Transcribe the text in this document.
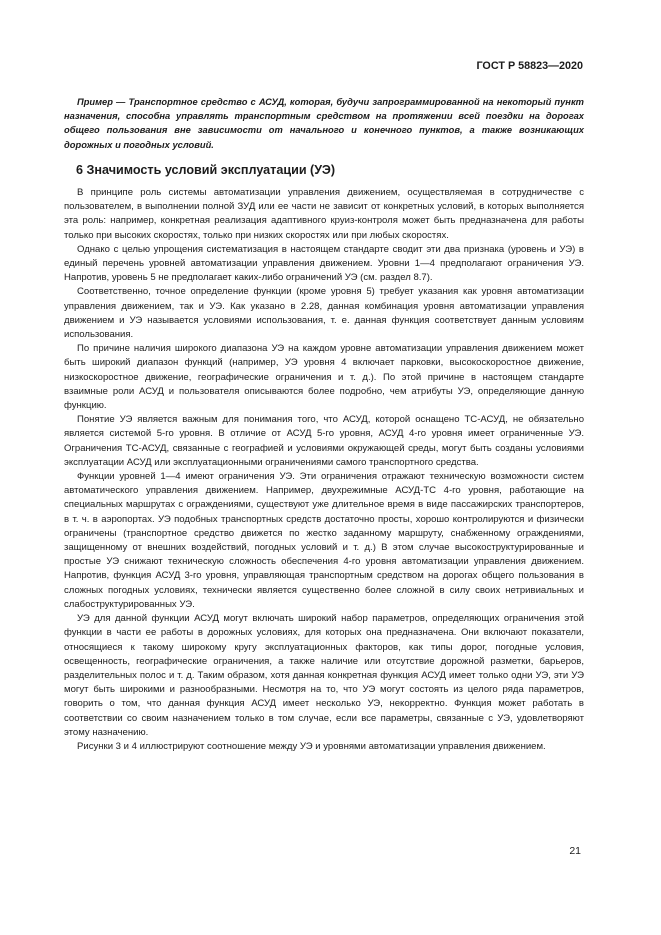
ГОСТ Р 58823—2020

Пример — Транспортное средство с АСУД, которая, будучи запрограммированной на некоторый пункт назначения, способна управлять транспортным средством на протяжении всей поездки на дорогах общего пользования вне зависимости от начального и конечного пунктов, а также возникающих дорожных и погодных условий.

6 Значимость условий эксплуатации (УЭ)

В принципе роль системы автоматизации управления движением, осуществляемая в сотрудничестве с пользователем, в выполнении полной ЗУД или ее части не зависит от конкретных условий, в которых выполняется эта роль: например, конкретная реализация адаптивного круиз-контроля может быть предназначена для работы только при высоких скоростях, только при низких скоростях или при любых скоростях.

Однако с целью упрощения систематизация в настоящем стандарте сводит эти два признака (уровень и УЭ) в единый перечень уровней автоматизации управления движением. Уровни 1—4 предполагают ограничения УЭ. Напротив, уровень 5 не предполагает каких-либо ограничений УЭ (см. раздел 8.7).

Соответственно, точное определение функции (кроме уровня 5) требует указания как уровня автоматизации управления движением, так и УЭ. Как указано в 2.28, данная комбинация уровня автоматизации управления движением и УЭ называется условиями использования, т. е. данная функция соответствует данным условиям использования.

По причине наличия широкого диапазона УЭ на каждом уровне автоматизации управления движением может быть широкий диапазон функций (например, УЭ уровня 4 включает парковки, высокоскоростное движение, низкоскоростное движение, географические ограничения и т. д.). По этой причине в настоящем стандарте взаимные роли АСУД и пользователя описываются более подробно, чем атрибуты УЭ, определяющие данную функцию.

Понятие УЭ является важным для понимания того, что АСУД, которой оснащено ТС-АСУД, не обязательно является системой 5-го уровня. В отличие от АСУД 5-го уровня, АСУД 4-го уровня имеет ограниченные УЭ. Ограничения ТС-АСУД, связанные с географией и условиями окружающей среды, могут быть созданы условиями эксплуатации АСУД или эксплуатационными ограничениями самого транспортного средства.

Функции уровней 1—4 имеют ограничения УЭ. Эти ограничения отражают техническую возможности систем автоматического управления движением. Например, двухрежимные АСУД-ТС 4-го уровня, работающие на специальных маршрутах с ограждениями, существуют уже длительное время в виде пассажирских транспортеров, в т. ч. в аэропортах. УЭ подобных транспортных средств достаточно просты, хорошо контролируются и физически ограничены (транспортное средство движется по жестко заданному маршруту, снабженному ограждениями, защищенному от внешних воздействий, погодных условий и т. д.) В этом случае высокоструктурированные и простые УЭ снижают техническую сложность обеспечения 4-го уровня автоматизации управления движением. Напротив, функция АСУД 3-го уровня, управляющая транспортным средством на дорогах общего пользования в сложных погодных условиях, технически является существенно более сложной в силу своих нетривиальных и слабоструктурированных УЭ.

УЭ для данной функции АСУД могут включать широкий набор параметров, определяющих ограничения этой функции в части ее работы в дорожных условиях, для которых она предназначена. Они включают показатели, относящиеся к такому широкому кругу эксплуатационных факторов, как типы дорог, погодные условия, освещенность, географические ограничения, а также наличие или отсутствие дорожной разметки, барьеров, разделительных полос и т. д. Таким образом, хотя данная конкретная функция АСУД имеет только одни УЭ, эти УЭ могут быть широкими и разнообразными. Несмотря на то, что УЭ могут состоять из целого ряда параметров, говорить о том, что данная функция АСУД имеет несколько УЭ, некорректно. Функция может работать в соответствии со своим назначением только в том случае, если все параметры, связанные с УЭ, удовлетворяют этому назначению.

Рисунки 3 и 4 иллюстрируют соотношение между УЭ и уровнями автоматизации управления движением.

21
